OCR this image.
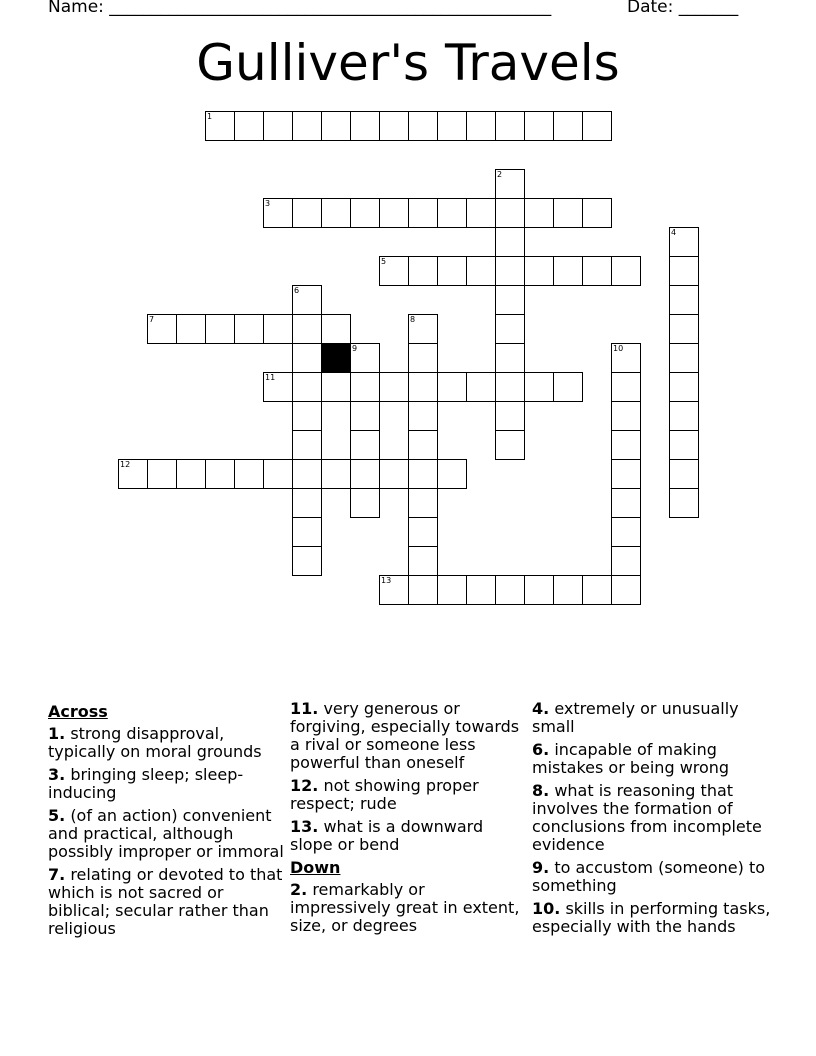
Name: ____________________________________________________	Date: _______
Gulliver's Travels
1
2
3
4
5
6
7	8
9	10
11
12
13
Across
1. strong disapproval, typically on moral grounds
3. bringing sleep; sleep-inducing
5. (of an action) convenient and practical, although possibly improper or immoral
7. relating or devoted to that which is not sacred or biblical; secular rather than religious
11. very generous or forgiving, especially towards a rival or someone less powerful than oneself
12. not showing proper respect; rude
13. what is a downward slope or bend
Down
2. remarkably or impressively great in extent, size, or degrees
4. extremely or unusually small
6. incapable of making mistakes or being wrong
8. what is reasoning that involves the formation of conclusions from incomplete evidence
9. to accustom (someone) to something
10. skills in performing tasks, especially with the hands
